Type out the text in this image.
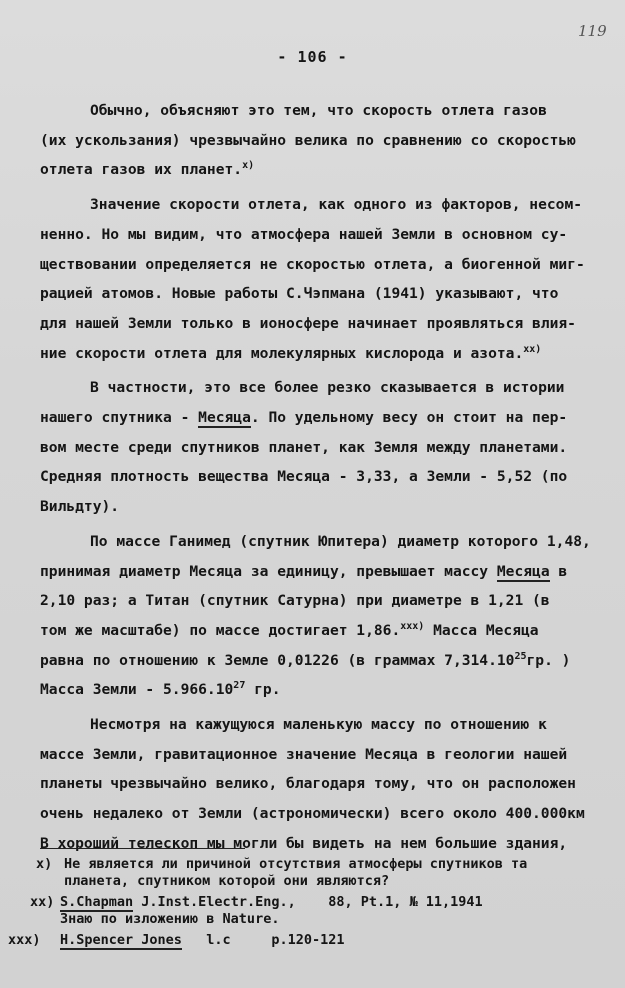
119
- 106 -
Обычно, объясняют это тем, что скорость отлета газов
(их ускользания) чрезвычайно велика по сравнению со скоростью
отлета газов их планет.$^{x)}$
Значение скорости отлета, как одного из факторов, несом-
ненно. Но мы видим, что атмосфера нашей Земли в основном су-
ществовании определяется не скоростью отлета, а биогенной миг-
рацией атомов. Новые работы С.Чэпмана (1941) указывают, что
для нашей Земли только в ионосфере начинает проявляться влия-
ние скорости отлета для молекулярных кислорода и азота.$^{xx)}$
В частности, это все более резко сказывается в истории
нашего спутника - Месяца. По удельному весу он стоит на пер-
вом месте среди спутников планет, как Земля между планетами.
Средняя плотность вещества Месяца - 3,33, а Земли - 5,52 (по
Вильдту).
По массе Ганимед (спутник Юпитера) диаметр которого 1,48,
принимая диаметр Месяца за единицу, превышает массу Месяца в
2,10 раз; а Титан (спутник Сатурна) при диаметре в 1,21 (в
том же масштабе) по массе достигает 1,86.$^{xxx)}$ Масса Месяца
равна по отношению к Земле 0,01226 (в граммах 7,314.10$^{25}$гр. )
Масса Земли - 5.966.10$^{27}$ гр.
Несмотря на кажущуюся маленькую массу по отношению к
массе Земли, гравитационное значение Месяца в геологии нашей
планеты чрезвычайно велико, благодаря тому, что он расположен
очень недалеко от Земли (астрономически) всего около 400.000км
В хороший телескоп мы могли бы видеть на нем большие здания,
x) Не является ли причиной отсутствия атмосферы спутников та
планета, спутником которой они являются?
xx) S.Chapman J.Inst.Electr.Eng.,    88, Pt.1, № 11,1941
Знаю по изложению в Nature.
xxx) H.Spencer Jones   l.c     p.120-121
